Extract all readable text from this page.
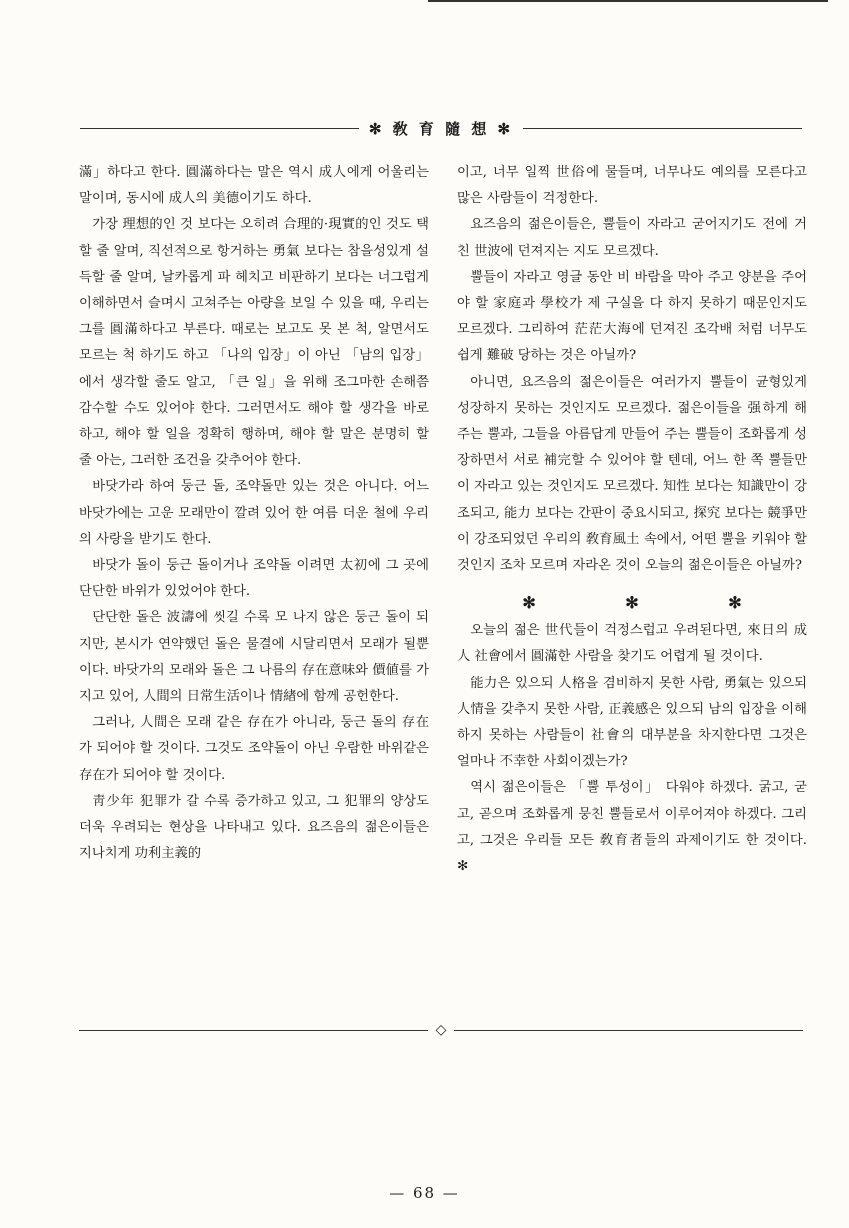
✻ 敎 育 隨 想 ✻

滿」하다고 한다. 圓滿하다는 말은 역시 成人에게 어울리는 말이며, 동시에 成人의 美德이기도 하다.

가장 理想的인 것 보다는 오히려 合理的·現實的인 것도 택할 줄 알며, 직선적으로 항거하는 勇氣 보다는 참을성있게 설득할 줄 알며, 날카롭게 파 헤치고 비판하기 보다는 너그럽게 이해하면서 슬며시 고쳐주는 아량을 보일 수 있을 때, 우리는 그를 圓滿하다고 부른다. 때로는 보고도 못 본 척, 알면서도 모르는 척 하기도 하고 「나의 입장」이 아닌 「남의 입장」에서 생각할 줄도 알고, 「큰 일」을 위해 조그마한 손해쯤 감수할 수도 있어야 한다. 그러면서도 해야 할 생각을 바로 하고, 해야 할 일을 정확히 행하며, 해야 할 말은 분명히 할 줄 아는, 그러한 조건을 갖추어야 한다.

바닷가라 하여 둥근 돌, 조약돌만 있는 것은 아니다. 어느 바닷가에는 고운 모래만이 깔려 있어 한 여름 더운 철에 우리의 사랑을 받기도 한다.

바닷가 돌이 둥근 돌이거나 조약돌 이려면 太初에 그 곳에 단단한 바위가 있었어야 한다.

단단한 돌은 波濤에 씻길 수록 모 나지 않은 둥근 돌이 되지만, 본시가 연약했던 돌은 물결에 시달리면서 모래가 될뿐이다. 바닷가의 모래와 돌은 그 나름의 存在意味와 價値를 가지고 있어, 人間의 日常生活이나 情緖에 함께 공헌한다.

그러나, 人間은 모래 같은 存在가 아니라, 둥근 돌의 存在가 되어야 할 것이다. 그것도 조약돌이 아닌 우람한 바위같은 存在가 되어야 할 것이다.

靑少年 犯罪가 갈 수록 증가하고 있고, 그 犯罪의 양상도 더욱 우려되는 현상을 나타내고 있다. 요즈음의 젊은이들은 지나치게 功利主義的

이고, 너무 일찍 世俗에 물들며, 너무나도 예의를 모른다고 많은 사람들이 걱정한다.

요즈음의 젊은이들은, 뿔들이 자라고 굳어지기도 전에 거친 世波에 던져지는 지도 모르겠다.

뿔들이 자라고 영글 동안 비 바람을 막아 주고 양분을 주어야 할 家庭과 學校가 제 구실을 다 하지 못하기 때문인지도 모르겠다. 그리하여 茫茫大海에 던져진 조각배 처럼 너무도 쉽게 難破 당하는 것은 아닐까?

아니면, 요즈음의 젊은이들은 여러가지 뿔들이 균형있게 성장하지 못하는 것인지도 모르겠다. 젊은이들을 强하게 해주는 뿔과, 그들을 아름답게 만들어 주는 뿔들이 조화롭게 성장하면서 서로 補完할 수 있어야 할 텐데, 어느 한 쪽 뿔들만이 자라고 있는 것인지도 모르겠다. 知性 보다는 知識만이 강조되고, 能力 보다는 간판이 중요시되고, 探究 보다는 競爭만이 강조되었던 우리의 敎育風土 속에서, 어떤 뿔을 키워야 할 것인지 조차 모르며 자라온 것이 오늘의 젊은이들은 아닐까?

✻ ✻ ✻

오늘의 젊은 世代들이 걱정스럽고 우려된다면, 來日의 成人 社會에서 圓滿한 사람을 찾기도 어렵게 될 것이다.

能力은 있으되 人格을 겸비하지 못한 사람, 勇氣는 있으되 人情을 갖추지 못한 사람, 正義感은 있으되 남의 입장을 이해하지 못하는 사람들이 社會의 대부분을 차지한다면 그것은 얼마나 不幸한 사회이겠는가?

역시 젊은이들은 「뿔 투성이」 다워야 하겠다. 굵고, 굳고, 곧으며 조화롭게 뭉친 뿔들로서 이루어져야 하겠다. 그리고, 그것은 우리들 모든 敎育者들의 과제이기도 한 것이다. ✻

◇
— 68 —
